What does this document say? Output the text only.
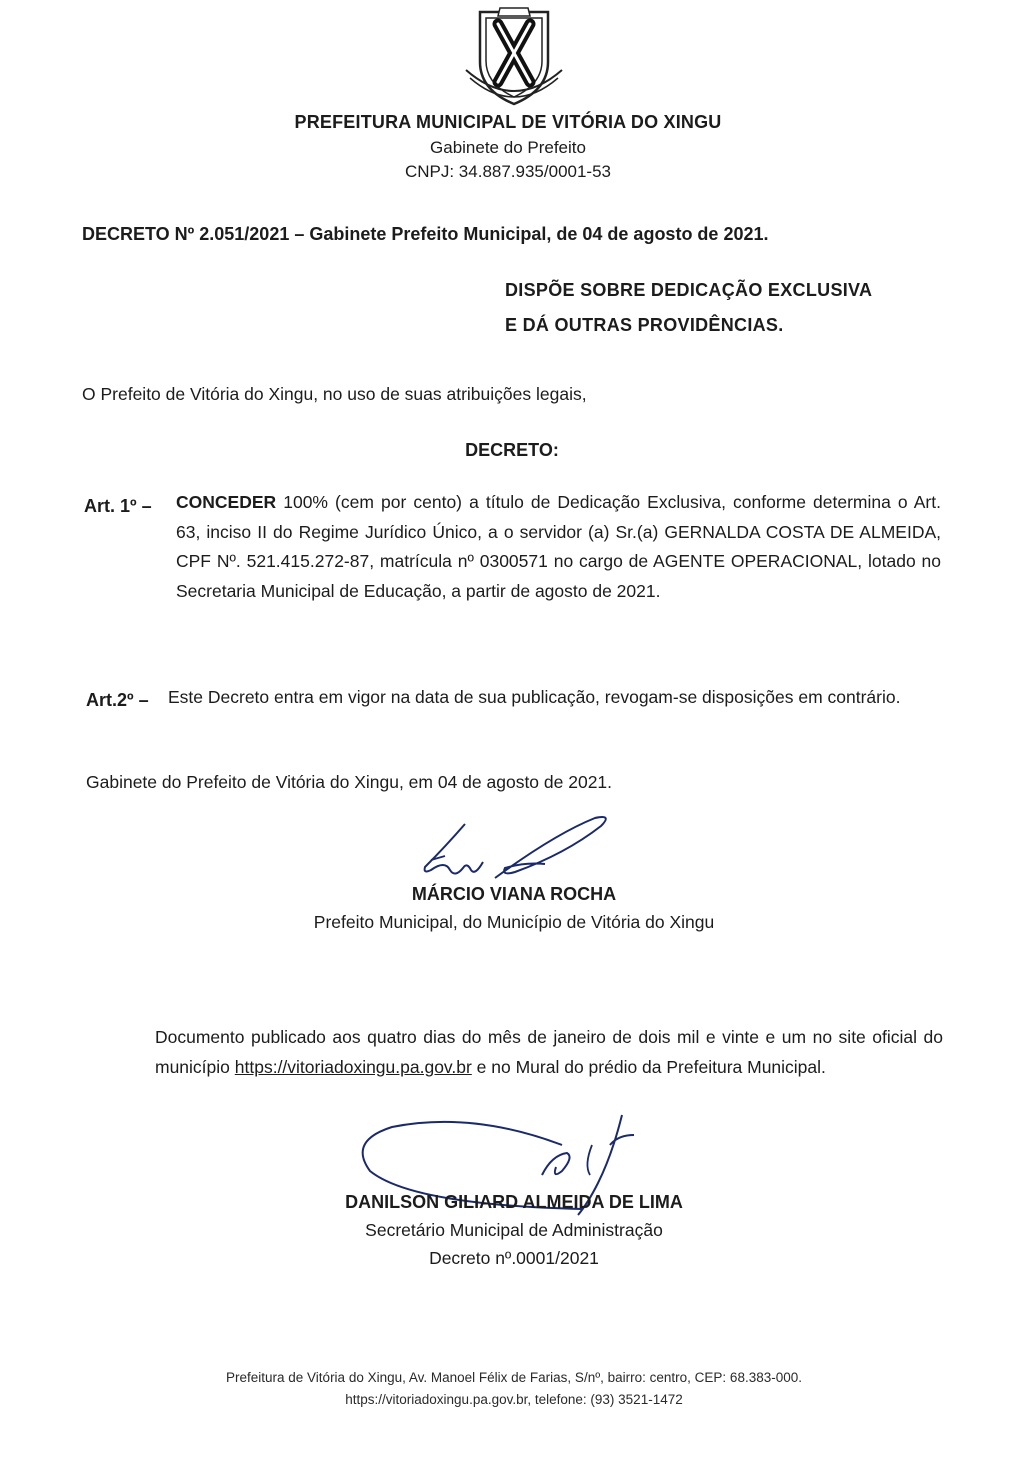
PREFEITURA MUNICIPAL DE VITÓRIA DO XINGU
Gabinete do Prefeito
CNPJ: 34.887.935/0001-53
DECRETO Nº 2.051/2021 – Gabinete Prefeito Municipal, de 04 de agosto de 2021.
DISPÕE SOBRE DEDICAÇÃO EXCLUSIVA
E DÁ OUTRAS PROVIDÊNCIAS.
O Prefeito de Vitória do Xingu, no uso de suas atribuições legais,
DECRETO:
Art. 1º – CONCEDER 100% (cem por cento) a título de Dedicação Exclusiva, conforme determina o Art. 63, inciso II do Regime Jurídico Único, a o servidor (a) Sr.(a) GERNALDA COSTA DE ALMEIDA, CPF Nº. 521.415.272-87, matrícula nº 0300571 no cargo de AGENTE OPERACIONAL, lotado no Secretaria Municipal de Educação, a partir de agosto de 2021.
Art.2º – Este Decreto entra em vigor na data de sua publicação, revogam-se disposições em contrário.
Gabinete do Prefeito de Vitória do Xingu, em 04 de agosto de 2021.
MÁRCIO VIANA ROCHA
Prefeito Municipal, do Município de Vitória do Xingu
Documento publicado aos quatro dias do mês de janeiro de dois mil e vinte e um no site oficial do município https://vitoriadoxingu.pa.gov.br e no Mural do prédio da Prefeitura Municipal.
DANILSON GILIARD ALMEIDA DE LIMA
Secretário Municipal de Administração
Decreto nº.0001/2021
Prefeitura de Vitória do Xingu, Av. Manoel Félix de Farias, S/nº, bairro: centro, CEP: 68.383-000.
https://vitoriadoxingu.pa.gov.br, telefone: (93) 3521-1472
